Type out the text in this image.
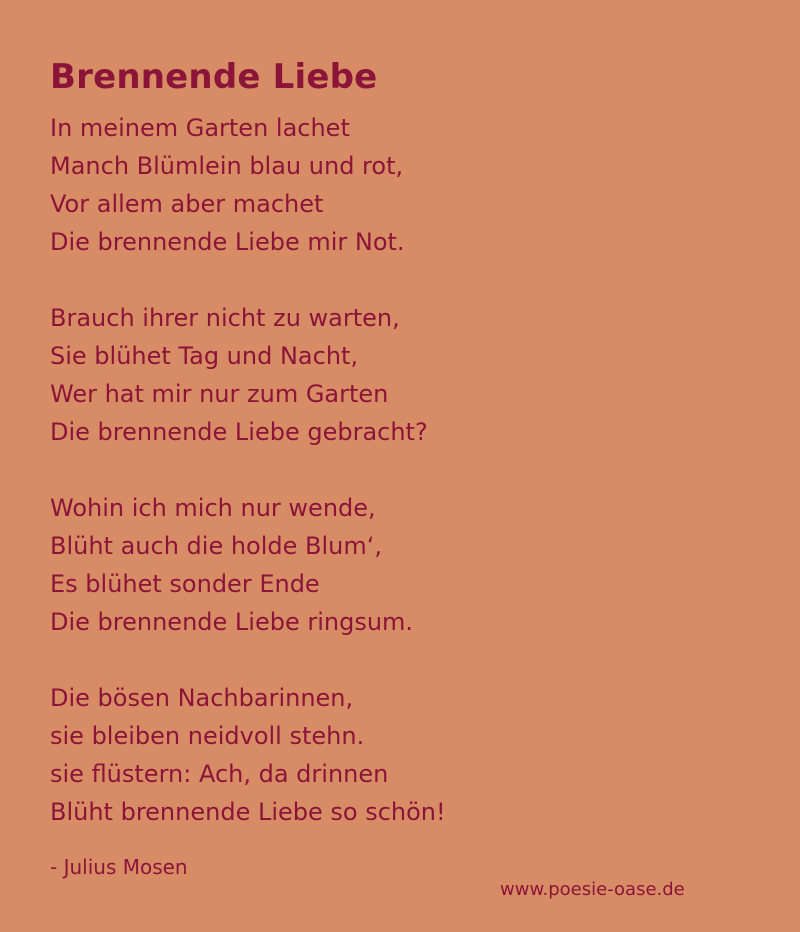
Brennende Liebe
In meinem Garten lachet
Manch Blümlein blau und rot,
Vor allem aber machet
Die brennende Liebe mir Not.
Brauch ihrer nicht zu warten,
Sie blühet Tag und Nacht,
Wer hat mir nur zum Garten
Die brennende Liebe gebracht?
Wohin ich mich nur wende,
Blüht auch die holde Blum‘,
Es blühet sonder Ende
Die brennende Liebe ringsum.
Die bösen Nachbarinnen,
sie bleiben neidvoll stehn.
sie flüstern: Ach, da drinnen
Blüht brennende Liebe so schön!
- Julius Mosen
www.poesie-oase.de
